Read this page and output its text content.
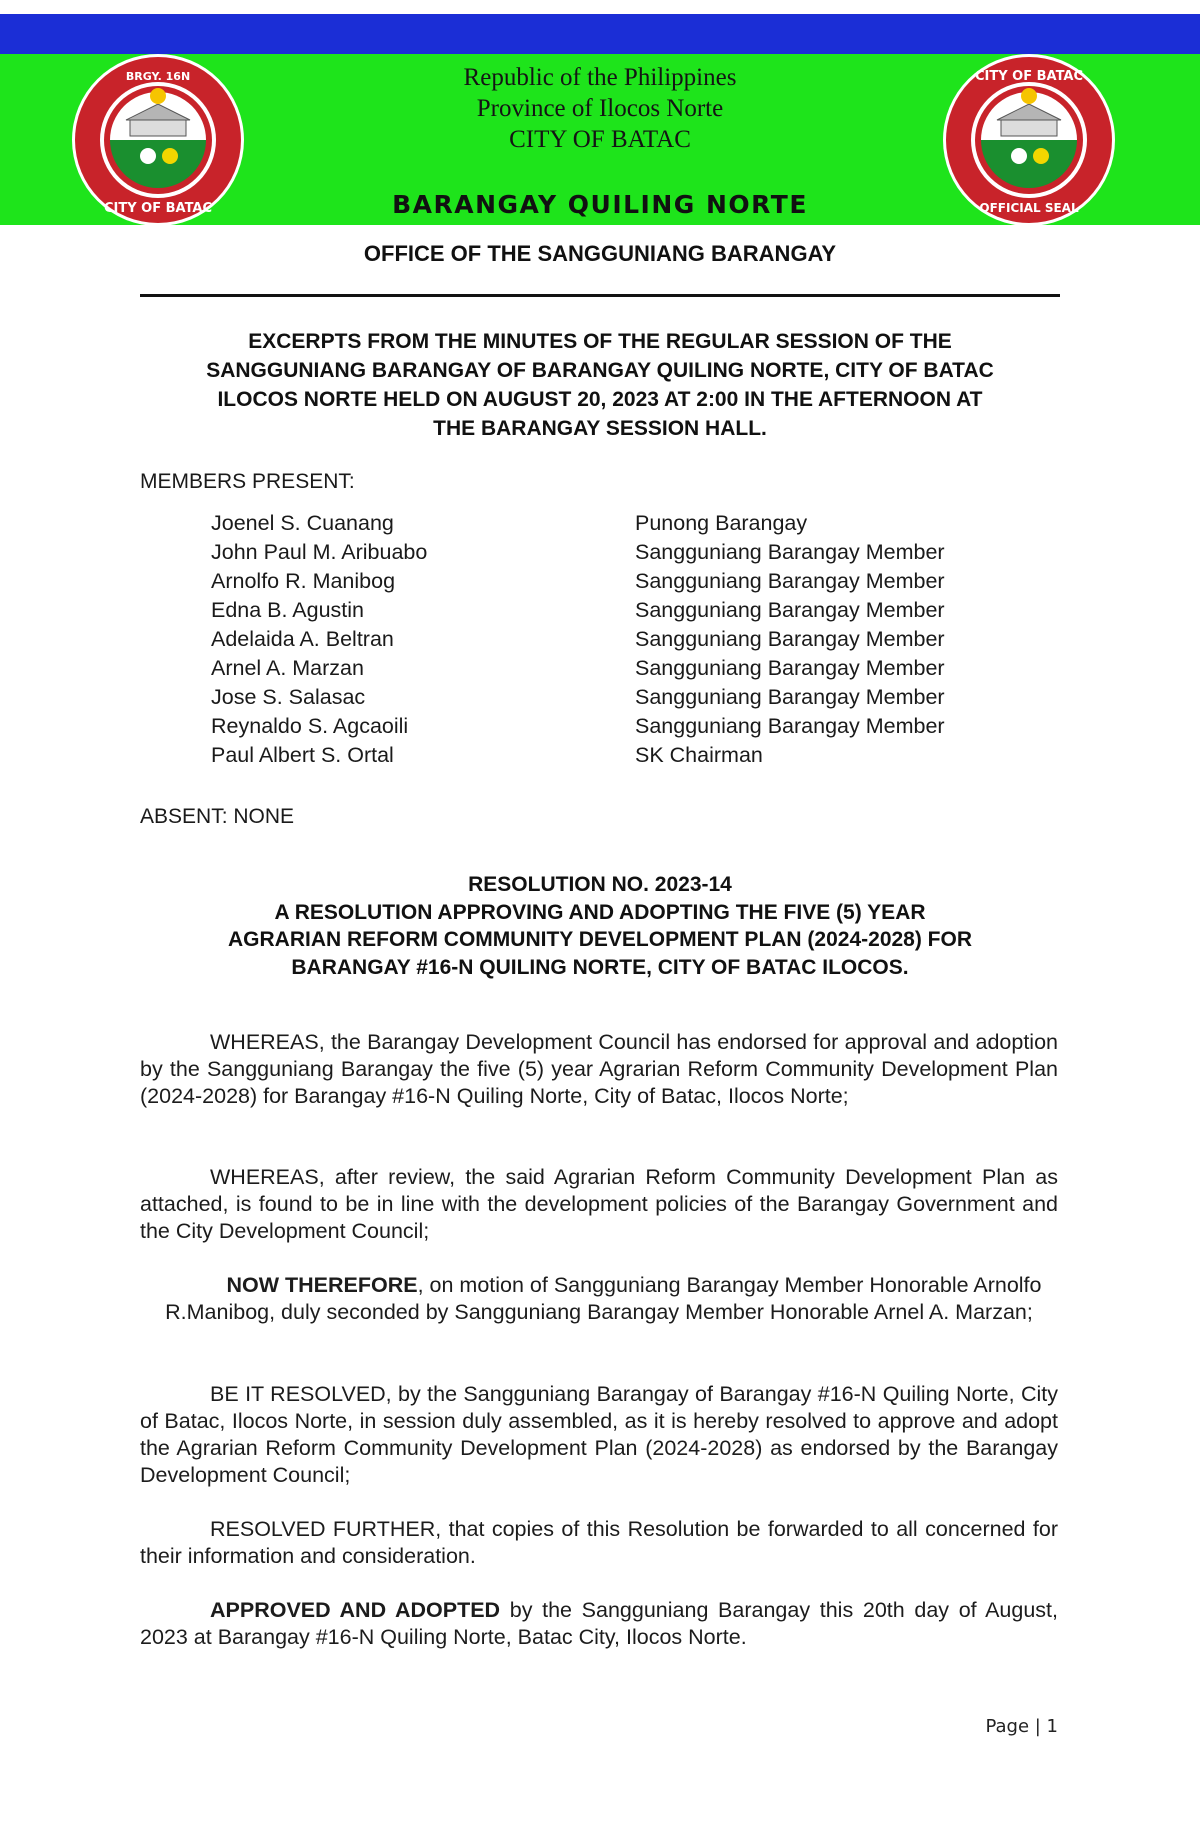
BRGY. 16N
CITY OF BATAC
CITY OF BATAC
OFFICIAL SEAL
Republic of the Philippines
Province of Ilocos Norte
CITY OF BATAC
BARANGAY QUILING NORTE
OFFICE OF THE SANGGUNIANG BARANGAY
EXCERPTS FROM THE MINUTES OF THE REGULAR SESSION OF THE
SANGGUNIANG BARANGAY OF BARANGAY QUILING NORTE, CITY OF BATAC
ILOCOS NORTE HELD ON AUGUST 20, 2023 AT 2:00 IN THE AFTERNOON AT
THE BARANGAY SESSION HALL.
MEMBERS PRESENT:
Joenel S. Cuanang	Punong Barangay
John Paul M. Aribuabo	Sangguniang Barangay Member
Arnolfo R. Manibog	Sangguniang Barangay Member
Edna B. Agustin	Sangguniang Barangay Member
Adelaida A. Beltran	Sangguniang Barangay Member
Arnel A. Marzan	Sangguniang Barangay Member
Jose S. Salasac	Sangguniang Barangay Member
Reynaldo S. Agcaoili	Sangguniang Barangay Member
Paul Albert S. Ortal	SK Chairman
ABSENT: NONE
RESOLUTION NO. 2023-14
A RESOLUTION APPROVING AND ADOPTING THE FIVE (5) YEAR
AGRARIAN REFORM COMMUNITY DEVELOPMENT PLAN (2024-2028) FOR
BARANGAY #16-N QUILING NORTE, CITY OF BATAC ILOCOS.
WHEREAS, the Barangay Development Council has endorsed for approval and adoption by the Sangguniang Barangay the five (5) year Agrarian Reform Community Development Plan (2024-2028) for Barangay #16-N Quiling Norte, City of Batac, Ilocos Norte;
WHEREAS, after review, the said Agrarian Reform Community Development Plan as attached, is found to be in line with the development policies of the Barangay Government and the City Development Council;
NOW THEREFORE, on motion of Sangguniang Barangay Member Honorable Arnolfo R.Manibog, duly seconded by Sangguniang Barangay Member Honorable Arnel A. Marzan;
BE IT RESOLVED, by the Sangguniang Barangay of Barangay #16-N Quiling Norte, City of Batac, Ilocos Norte, in session duly assembled, as it is hereby resolved to approve and adopt the Agrarian Reform Community Development Plan (2024-2028) as endorsed by the Barangay Development Council;
RESOLVED FURTHER, that copies of this Resolution be forwarded to all concerned for their information and consideration.
APPROVED AND ADOPTED by the Sangguniang Barangay this 20th day of August, 2023 at Barangay #16-N Quiling Norte, Batac City, Ilocos Norte.
Page | 1
